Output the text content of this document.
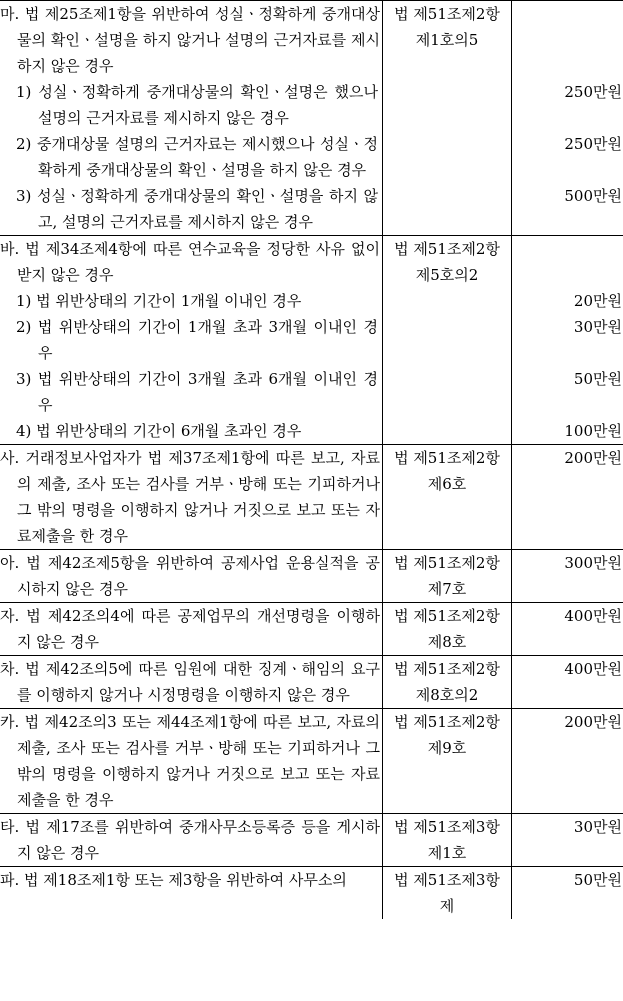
마. 법 제25조제1항을 위반하여 성실ㆍ정확하게 중개대상물의 확인ㆍ설명을 하지 않거나 설명의 근거자료를 제시하지 않은 경우	법 제51조제2항제1호의5	

1) 성실ㆍ정확하게 중개대상물의 확인ㆍ설명은 했으나 설명의 근거자료를 제시하지 않은 경우		250만원

2) 중개대상물 설명의 근거자료는 제시했으나 성실ㆍ정확하게 중개대상물의 확인ㆍ설명을 하지 않은 경우		250만원

3) 성실ㆍ정확하게 중개대상물의 확인ㆍ설명을 하지 않고, 설명의 근거자료를 제시하지 않은 경우		500만원

바. 법 제34조제4항에 따른 연수교육을 정당한 사유 없이 받지 않은 경우	법 제51조제2항제5호의2	

1) 법 위반상태의 기간이 1개월 이내인 경우		20만원

2) 법 위반상태의 기간이 1개월 초과 3개월 이내인 경우		30만원

3) 법 위반상태의 기간이 3개월 초과 6개월 이내인 경우		50만원

4) 법 위반상태의 기간이 6개월 초과인 경우		100만원

사. 거래정보사업자가 법 제37조제1항에 따른 보고, 자료의 제출, 조사 또는 검사를 거부ㆍ방해 또는 기피하거나 그 밖의 명령을 이행하지 않거나 거짓으로 보고 또는 자료제출을 한 경우	법 제51조제2항제6호	200만원

아. 법 제42조제5항을 위반하여 공제사업 운용실적을 공시하지 않은 경우	법 제51조제2항제7호	300만원

자. 법 제42조의4에 따른 공제업무의 개선명령을 이행하지 않은 경우	법 제51조제2항제8호	400만원

차. 법 제42조의5에 따른 임원에 대한 징계ㆍ해임의 요구를 이행하지 않거나 시정명령을 이행하지 않은 경우	법 제51조제2항제8호의2	400만원

카. 법 제42조의3 또는 제44조제1항에 따른 보고, 자료의 제출, 조사 또는 검사를 거부ㆍ방해 또는 기피하거나 그 밖의 명령을 이행하지 않거나 거짓으로 보고 또는 자료제출을 한 경우	법 제51조제2항제9호	200만원

타. 법 제17조를 위반하여 중개사무소등록증 등을 게시하지 않은 경우	법 제51조제3항제1호	30만원

파. 법 제18조제1항 또는 제3항을 위반하여 사무소의	법 제51조제3항제	50만원
